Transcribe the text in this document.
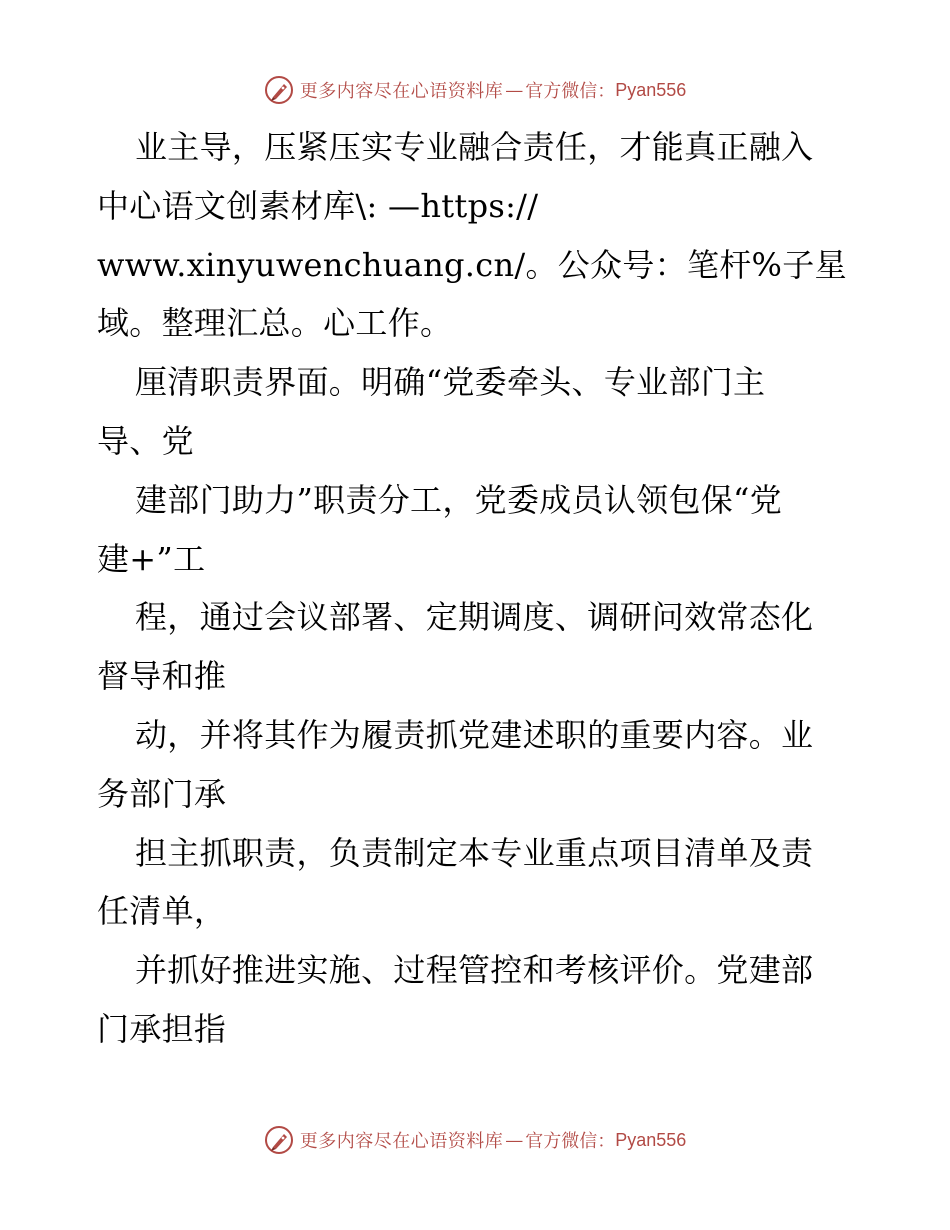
更多内容尽在心语资料库 — 官方微信： Pyan556
业主导，压紧压实专业融合责任，才能真正融入
中心语文创素材库\: —https://
www.xinyuwenchuang.cn/。公众号：笔杆%子星
域。整理汇总。心工作。
厘清职责界面。明确“党委牵头、专业部门主
导、党
建部门助力”职责分工，党委成员认领包保“党
建+”工
程，通过会议部署、定期调度、调研问效常态化
督导和推
动，并将其作为履责抓党建述职的重要内容。业
务部门承
担主抓职责，负责制定本专业重点项目清单及责
任清单，
并抓好推进实施、过程管控和考核评价。党建部
门承担指
更多内容尽在心语资料库 — 官方微信： Pyan556
